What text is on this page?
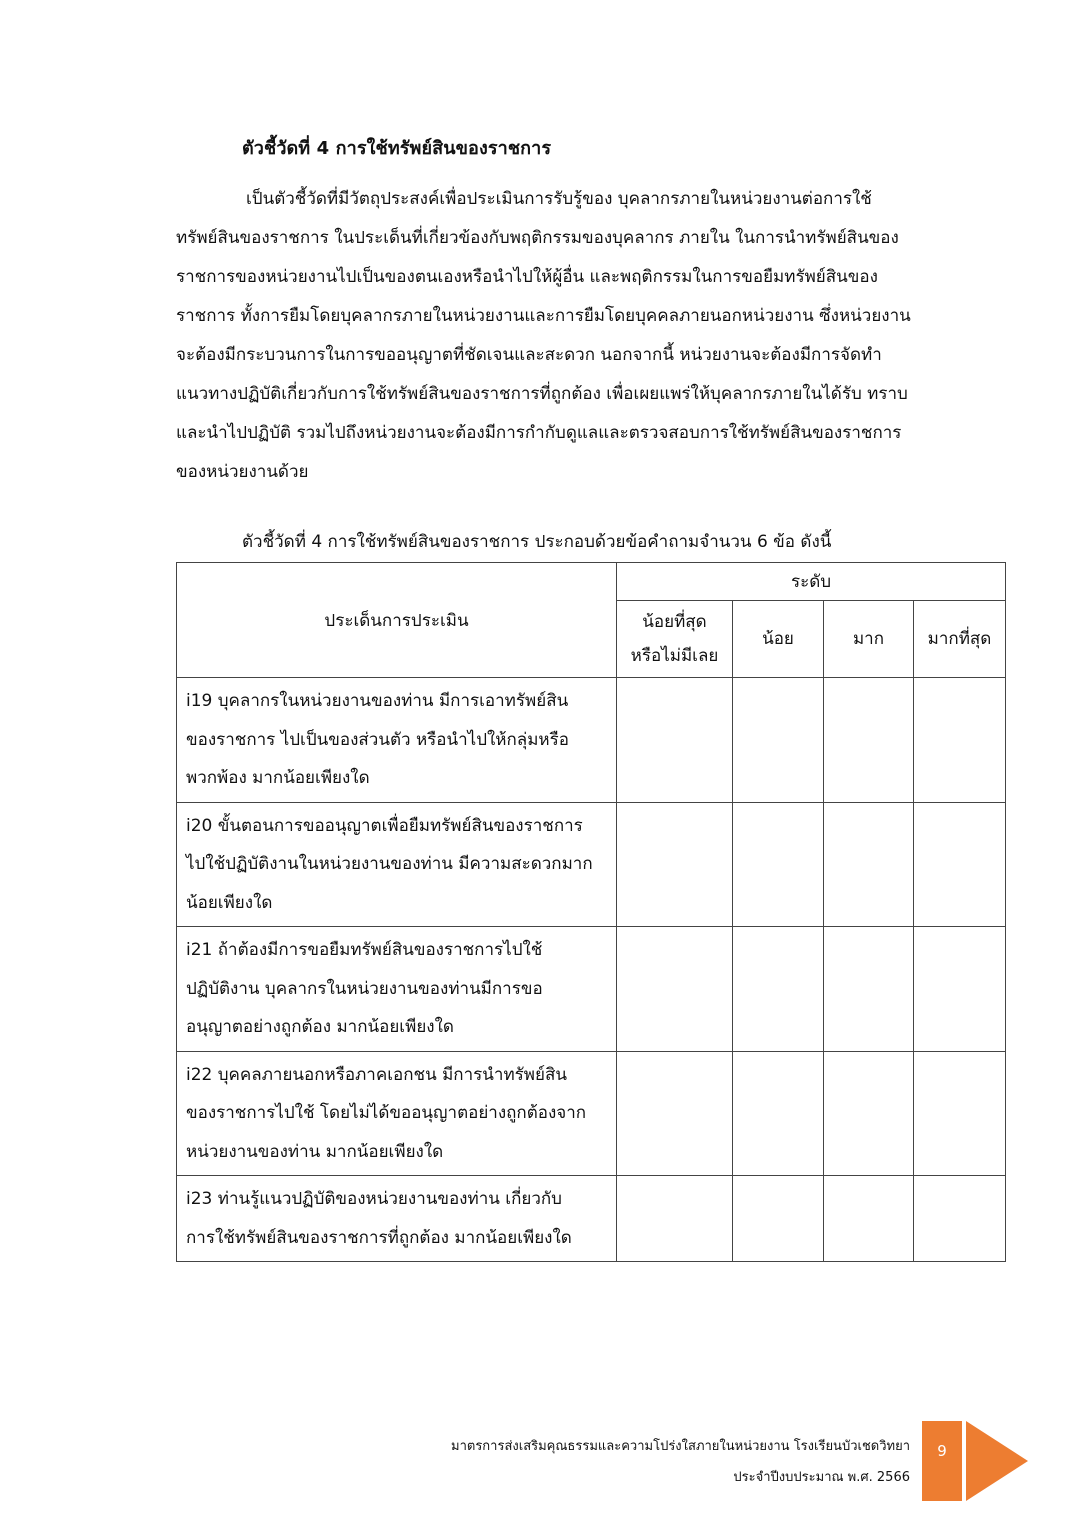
ตัวชี้วัดที่ 4 การใช้ทรัพย์สินของราชการ
เป็นตัวชี้วัดที่มีวัตถุประสงค์เพื่อประเมินการรับรู้ของ บุคลากรภายในหน่วยงานต่อการใช้
ทรัพย์สินของราชการ ในประเด็นที่เกี่ยวข้องกับพฤติกรรมของบุคลากร ภายใน ในการนำทรัพย์สินของ
ราชการของหน่วยงานไปเป็นของตนเองหรือนำไปให้ผู้อื่น และพฤติกรรมในการขอยืมทรัพย์สินของ
ราชการ ทั้งการยืมโดยบุคลากรภายในหน่วยงานและการยืมโดยบุคคลภายนอกหน่วยงาน ซึ่งหน่วยงาน
จะต้องมีกระบวนการในการขออนุญาตที่ชัดเจนและสะดวก นอกจากนี้ หน่วยงานจะต้องมีการจัดทำ
แนวทางปฏิบัติเกี่ยวกับการใช้ทรัพย์สินของราชการที่ถูกต้อง เพื่อเผยแพร่ให้บุคลากรภายในได้รับ ทราบ
และนำไปปฏิบัติ รวมไปถึงหน่วยงานจะต้องมีการกำกับดูแลและตรวจสอบการใช้ทรัพย์สินของราชการ
ของหน่วยงานด้วย
ตัวชี้วัดที่ 4 การใช้ทรัพย์สินของราชการ ประกอบด้วยข้อคำถามจำนวน 6 ข้อ ดังนี้
ประเด็นการประเมิน	ระดับ			
	น้อยที่สุด
หรือไม่มีเลย	น้อย	มาก	มากที่สุด
i19 บุคลากรในหน่วยงานของท่าน มีการเอาทรัพย์สิน
ของราชการ ไปเป็นของส่วนตัว หรือนำไปให้กลุ่มหรือ
พวกพ้อง มากน้อยเพียงใด				
i20 ขั้นตอนการขออนุญาตเพื่อยืมทรัพย์สินของราชการ
ไปใช้ปฏิบัติงานในหน่วยงานของท่าน มีความสะดวกมาก
น้อยเพียงใด				
i21 ถ้าต้องมีการขอยืมทรัพย์สินของราชการไปใช้
ปฏิบัติงาน บุคลากรในหน่วยงานของท่านมีการขอ
อนุญาตอย่างถูกต้อง มากน้อยเพียงใด				
i22 บุคคลภายนอกหรือภาคเอกชน มีการนำทรัพย์สิน
ของราชการไปใช้ โดยไม่ได้ขออนุญาตอย่างถูกต้องจาก
หน่วยงานของท่าน มากน้อยเพียงใด				
i23 ท่านรู้แนวปฏิบัติของหน่วยงานของท่าน เกี่ยวกับ
การใช้ทรัพย์สินของราชการที่ถูกต้อง มากน้อยเพียงใด				
มาตรการส่งเสริมคุณธรรมและความโปร่งใสภายในหน่วยงาน โรงเรียนบัวเชดวิทยา
ประจำปีงบประมาณ พ.ศ. 2566
9
